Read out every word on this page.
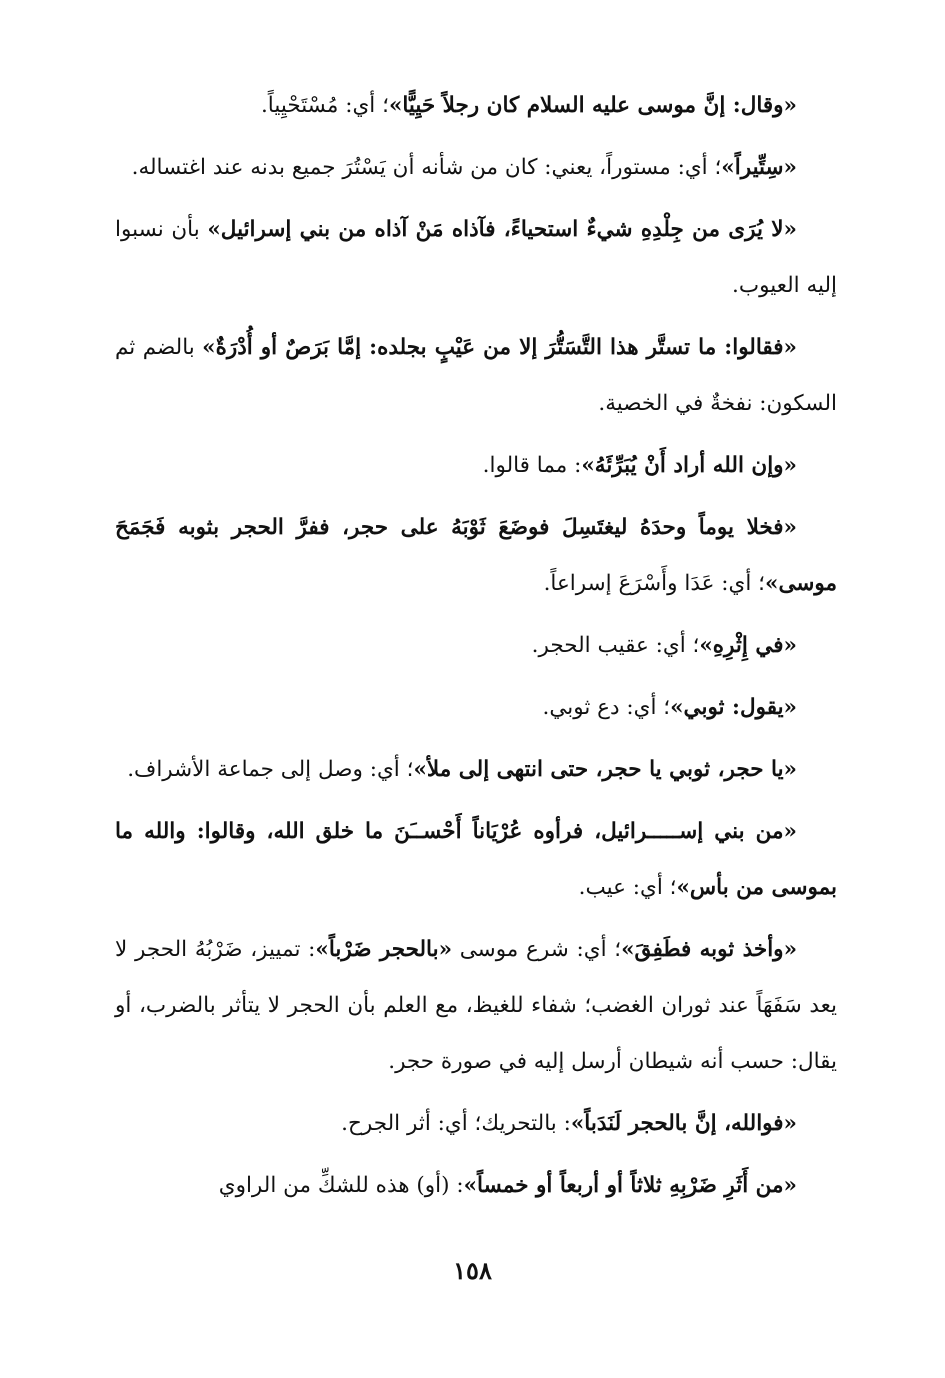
«وقال: إنَّ موسى عليه السلام كان رجلاً حَيِيًّا»؛ أي: مُسْتَحْيِياً.

«سِتِّيراً»؛ أي: مستوراً، يعني: كان من شأنه أن يَسْتُرَ جميع بدنه عند اغتساله.

«لا يُرَى من جِلْدِهِ شيءٌ استحياءً، فآذاه مَنْ آذاه من بني إسرائيل» بأن نسبوا إليه العيوب.

«فقالوا: ما تستَّر هذا التَّسَتُّرَ إلا من عَيْبٍ بجلده: إمَّا بَرَصٌ أو أُدْرَةٌ» بالضم ثم السكون: نفخةٌ في الخصية.

«وإن الله أراد أَنْ يُبَرِّئَهُ»: مما قالوا.

«فخلا يوماً وحدَهُ ليغتَسِلَ فوضَعَ ثَوْبَهُ على حجر، ففرَّ الحجر بثوبه فَجَمَحَ موسى»؛ أي: عَدَا وأَسْرَعَ إسراعاً.

«في إِثْرِهِ»؛ أي: عقيب الحجر.

«يقول: ثوبي»؛ أي: دع ثوبي.

«يا حجر، ثوبي يا حجر، حتى انتهى إلى ملأ»؛ أي: وصل إلى جماعة الأشراف.

«من بني إســـــرائيل، فرأوه عُرْيَاناً أَحْســَنَ ما خلق الله، وقالوا: والله ما بموسى من بأس»؛ أي: عيب.

«وأخذ ثوبه فطَفِقَ»؛ أي: شرع موسى «بالحجر ضَرْباً»: تمييز، ضَرْبُهُ الحجر لا يعد سَفَهَاً عند ثوران الغضب؛ شفاء للغيظ، مع العلم بأن الحجر لا يتأثر بالضرب، أو يقال: حسب أنه شيطان أرسل إليه في صورة حجر.

«فوالله، إنَّ بالحجر لَنَدَباً»: بالتحريك؛ أي: أثر الجرح.

«من أَثَرِ ضَرْبِهِ ثلاثاً أو أربعاً أو خمساً»: (أو) هذه للشكِّ من الراوي

١٥٨
